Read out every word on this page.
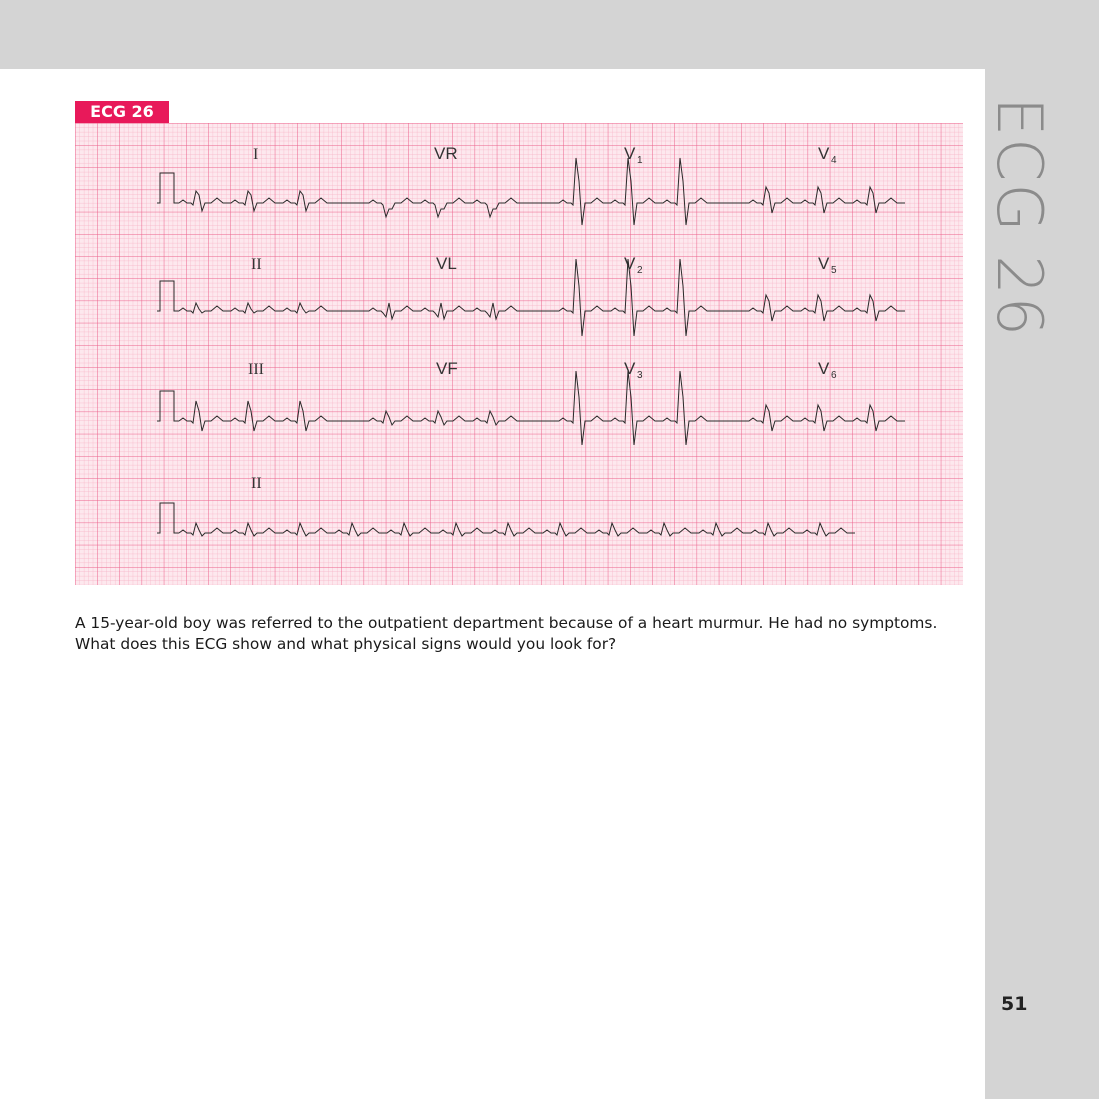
ECG 26
ECG 26
I	VR	V 1	V 4
II	VL	V 2	V 5
III	VF	V 3	V 6
II

A 15-year-old boy was referred to the outpatient department because of a heart murmur. He had no symptoms.

What does this ECG show and what physical signs would you look for?

51
